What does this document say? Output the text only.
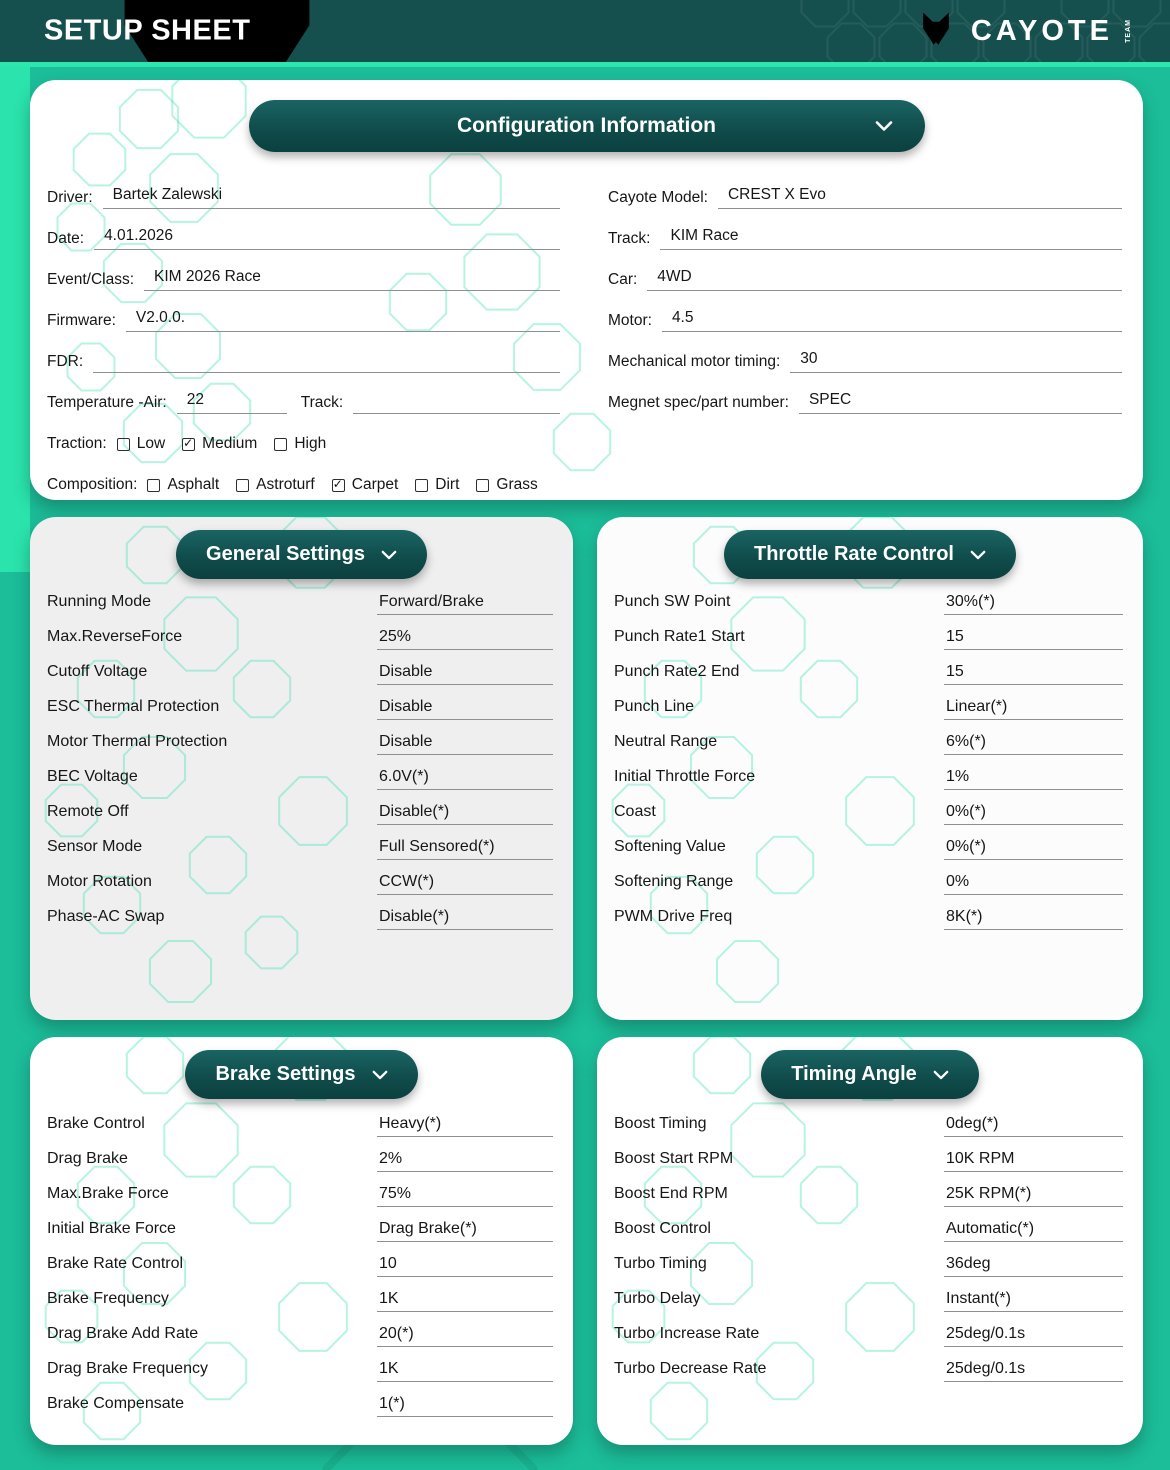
SETUP SHEET	CAYOTE TEAM
Configuration Information
Driver:	Bartek Zalewski
Date:	4.01.2026
Event/Class:	KIM 2026 Race
Firmware:	V2.0.0.
FDR:
Temperature -Air:	22	Track:
Traction: Low ✓ Medium High
Composition: Asphalt Astroturf ✓ Carpet Dirt Grass
Cayote Model:	CREST X Evo
Track:	KIM Race
Car:	4WD
Motor:	4.5
Mechanical motor timing:	30
Megnet spec/part number:	SPEC
General Settings
Running Mode	Forward/Brake
Max.ReverseForce	25%
Cutoff Voltage	Disable
ESC Thermal Protection	Disable
Motor Thermal Protection	Disable
BEC Voltage	6.0V(*)
Remote Off	Disable(*)
Sensor Mode	Full Sensored(*)
Motor Rotation	CCW(*)
Phase-AC Swap	Disable(*)
Throttle Rate Control
Punch SW Point	30%(*)
Punch Rate1 Start	15
Punch Rate2 End	15
Punch Line	Linear(*)
Neutral Range	6%(*)
Initial Throttle Force	1%
Coast	0%(*)
Softening Value	0%(*)
Softening Range	0%
PWM Drive Freq	8K(*)
Brake Settings
Brake Control	Heavy(*)
Drag Brake	2%
Max.Brake Force	75%
Initial Brake Force	Drag Brake(*)
Brake Rate Control	10
Brake Frequency	1K
Drag Brake Add Rate	20(*)
Drag Brake Frequency	1K
Brake Compensate	1(*)
Timing Angle
Boost Timing	0deg(*)
Boost Start RPM	10K RPM
Boost End RPM	25K RPM(*)
Boost Control	Automatic(*)
Turbo Timing	36deg
Turbo Delay	Instant(*)
Turbo Increase Rate	25deg/0.1s
Turbo Decrease Rate	25deg/0.1s
